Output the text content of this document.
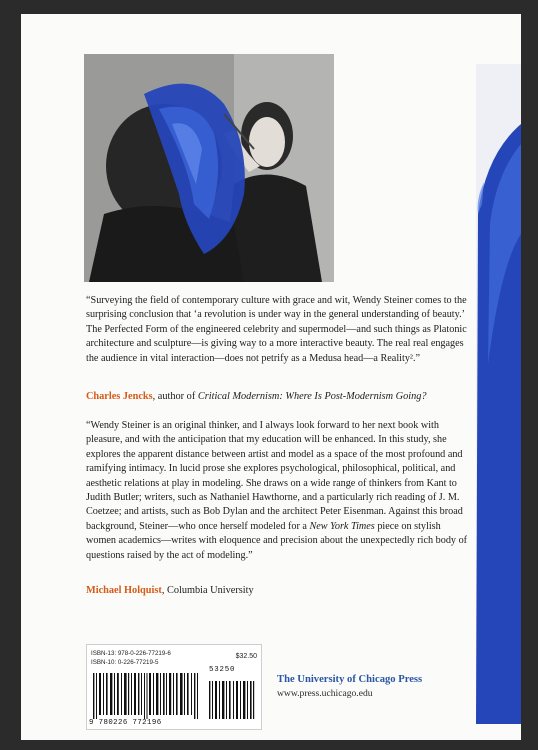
“Surveying the field of contemporary culture with grace and wit, Wendy Steiner comes to the surprising conclusion that ‘a revolution is under way in the general understanding of beauty.’ The Perfected Form of the engineered celebrity and supermodel—and such things as Platonic architecture and sculpture—is giving way to a more interactive beauty. The real real engages the audience in vital interaction—does not petrify as a Medusa head—a Reality².”
Charles Jencks, author of Critical Modernism: Where Is Post-Modernism Going?
“Wendy Steiner is an original thinker, and I always look forward to her next book with pleasure, and with the anticipation that my education will be enhanced. In this study, she explores the apparent distance between artist and model as a space of the most profound and ramifying intimacy. In lucid prose she explores psychological, philosophical, political, and aesthetic relations at play in modeling. She draws on a wide range of thinkers from Kant to Judith Butler; writers, such as Nathaniel Hawthorne, and a particularly rich reading of J. M. Coetzee; and artists, such as Bob Dylan and the architect Peter Eisenman. Against this broad background, Steiner—who once herself modeled for a New York Times piece on stylish women academics—writes with eloquence and precision about the unexpectedly rich body of questions raised by the act of modeling.”
Michael Holquist, Columbia University
ISBN-13: 978-0-226-77219-6
ISBN-10: 0-226-77219-5
$32.50
53250
9 780226 772196
The University of Chicago Press
www.press.uchicago.edu
